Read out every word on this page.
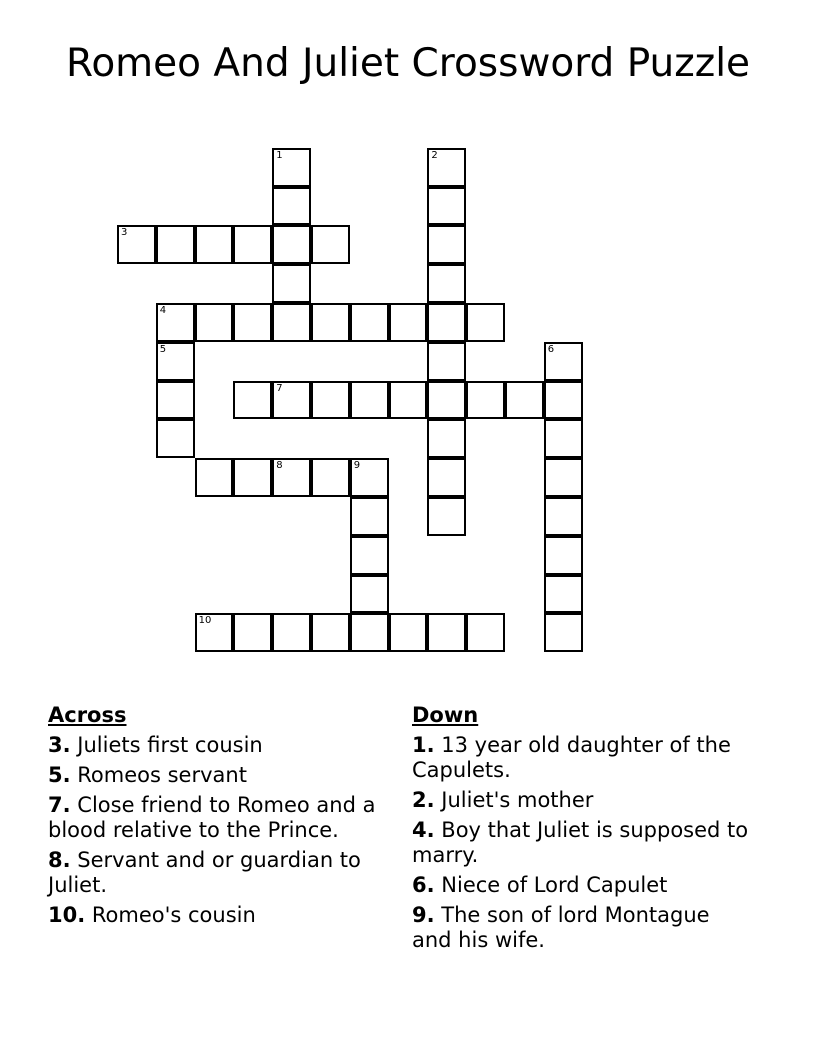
Romeo And Juliet Crossword Puzzle
1	2
3
4
5	6
7
9
8
10
Across
3. Juliets first cousin
5. Romeos servant
7. Close friend to Romeo and a blood relative to the Prince.
8. Servant and or guardian to Juliet.
10. Romeo's cousin
Down
1. 13 year old daughter of the Capulets.
2. Juliet's mother
4. Boy that Juliet is supposed to marry.
6. Niece of Lord Capulet
9. The son of lord Montague and his wife.
